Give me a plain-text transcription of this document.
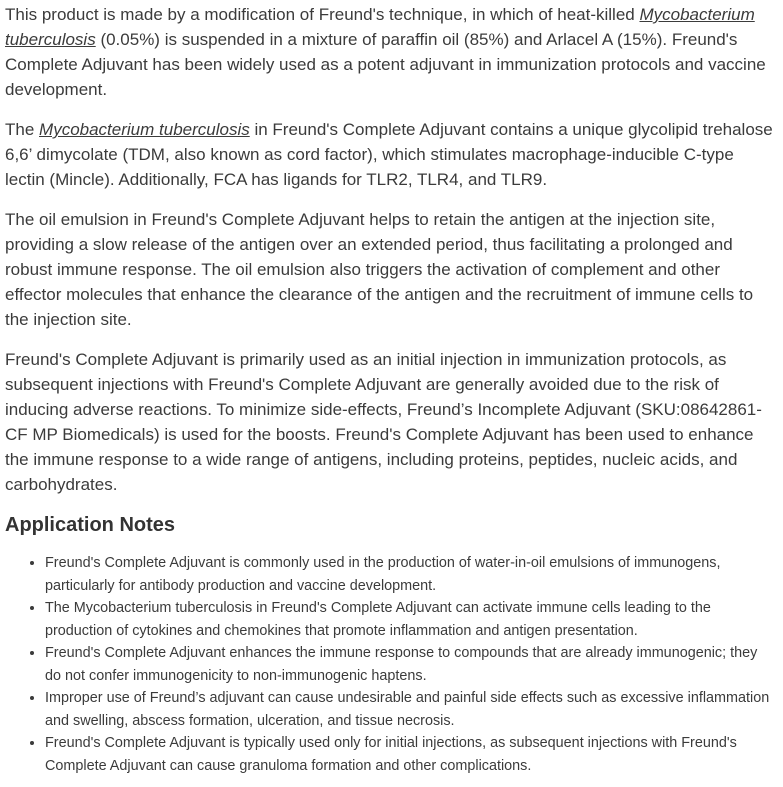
This product is made by a modification of Freund's technique, in which of heat-killed Mycobacterium tuberculosis (0.05%) is suspended in a mixture of paraffin oil (85%) and Arlacel A (15%). Freund's Complete Adjuvant has been widely used as a potent adjuvant in immunization protocols and vaccine development.

The Mycobacterium tuberculosis in Freund's Complete Adjuvant contains a unique glycolipid trehalose 6,6’ dimycolate (TDM, also known as cord factor), which stimulates macrophage-inducible C-type lectin (Mincle). Additionally, FCA has ligands for TLR2, TLR4, and TLR9.

The oil emulsion in Freund's Complete Adjuvant helps to retain the antigen at the injection site, providing a slow release of the antigen over an extended period, thus facilitating a prolonged and robust immune response. The oil emulsion also triggers the activation of complement and other effector molecules that enhance the clearance of the antigen and the recruitment of immune cells to the injection site.

Freund's Complete Adjuvant is primarily used as an initial injection in immunization protocols, as subsequent injections with Freund's Complete Adjuvant are generally avoided due to the risk of inducing adverse reactions. To minimize side-effects, Freund’s Incomplete Adjuvant (SKU:08642861-CF MP Biomedicals) is used for the boosts. Freund's Complete Adjuvant has been used to enhance the immune response to a wide range of antigens, including proteins, peptides, nucleic acids, and carbohydrates.

Application Notes
• Freund's Complete Adjuvant is commonly used in the production of water-in-oil emulsions of immunogens, particularly for antibody production and vaccine development.
• The Mycobacterium tuberculosis in Freund's Complete Adjuvant can activate immune cells leading to the production of cytokines and chemokines that promote inflammation and antigen presentation.
• Freund's Complete Adjuvant enhances the immune response to compounds that are already immunogenic; they do not confer immunogenicity to non-immunogenic haptens.
• Improper use of Freund’s adjuvant can cause undesirable and painful side effects such as excessive inflammation and swelling, abscess formation, ulceration, and tissue necrosis.
• Freund's Complete Adjuvant is typically used only for initial injections, as subsequent injections with Freund's Complete Adjuvant can cause granuloma formation and other complications.
